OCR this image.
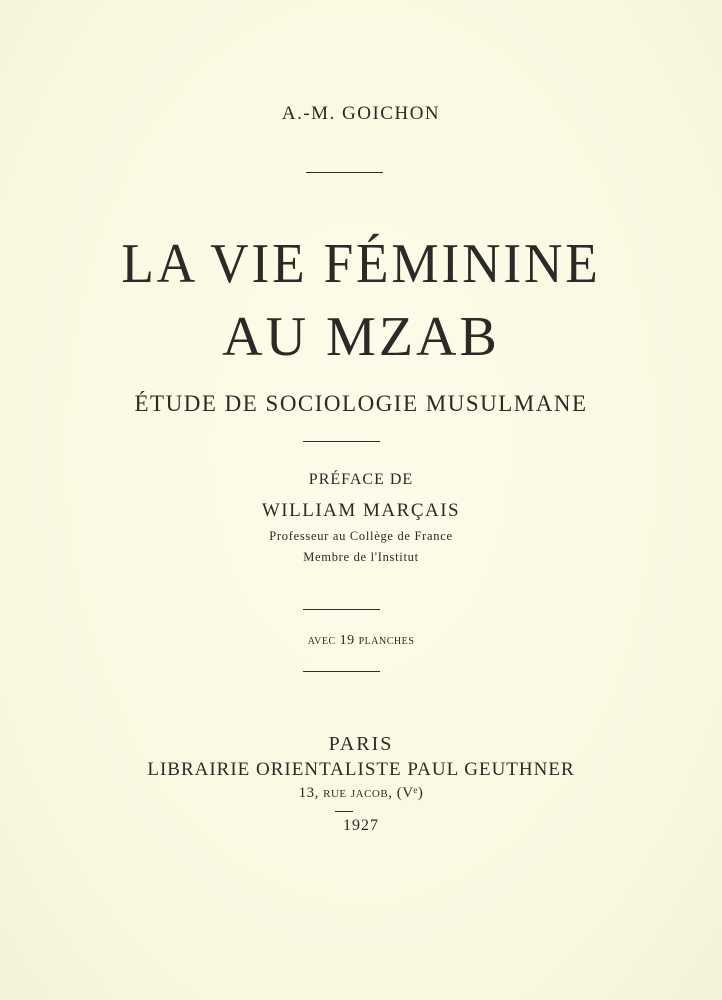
A.-M. GOICHON
LA VIE FÉMININE
AU MZAB
ÉTUDE DE SOCIOLOGIE MUSULMANE
PRÉFACE DE
WILLIAM MARÇAIS
Professeur au Collège de France
Membre de l'Institut
avec 19 planches
PARIS
LIBRAIRIE ORIENTALISTE PAUL GEUTHNER
13, rue jacob, (Vᵉ)
1927
